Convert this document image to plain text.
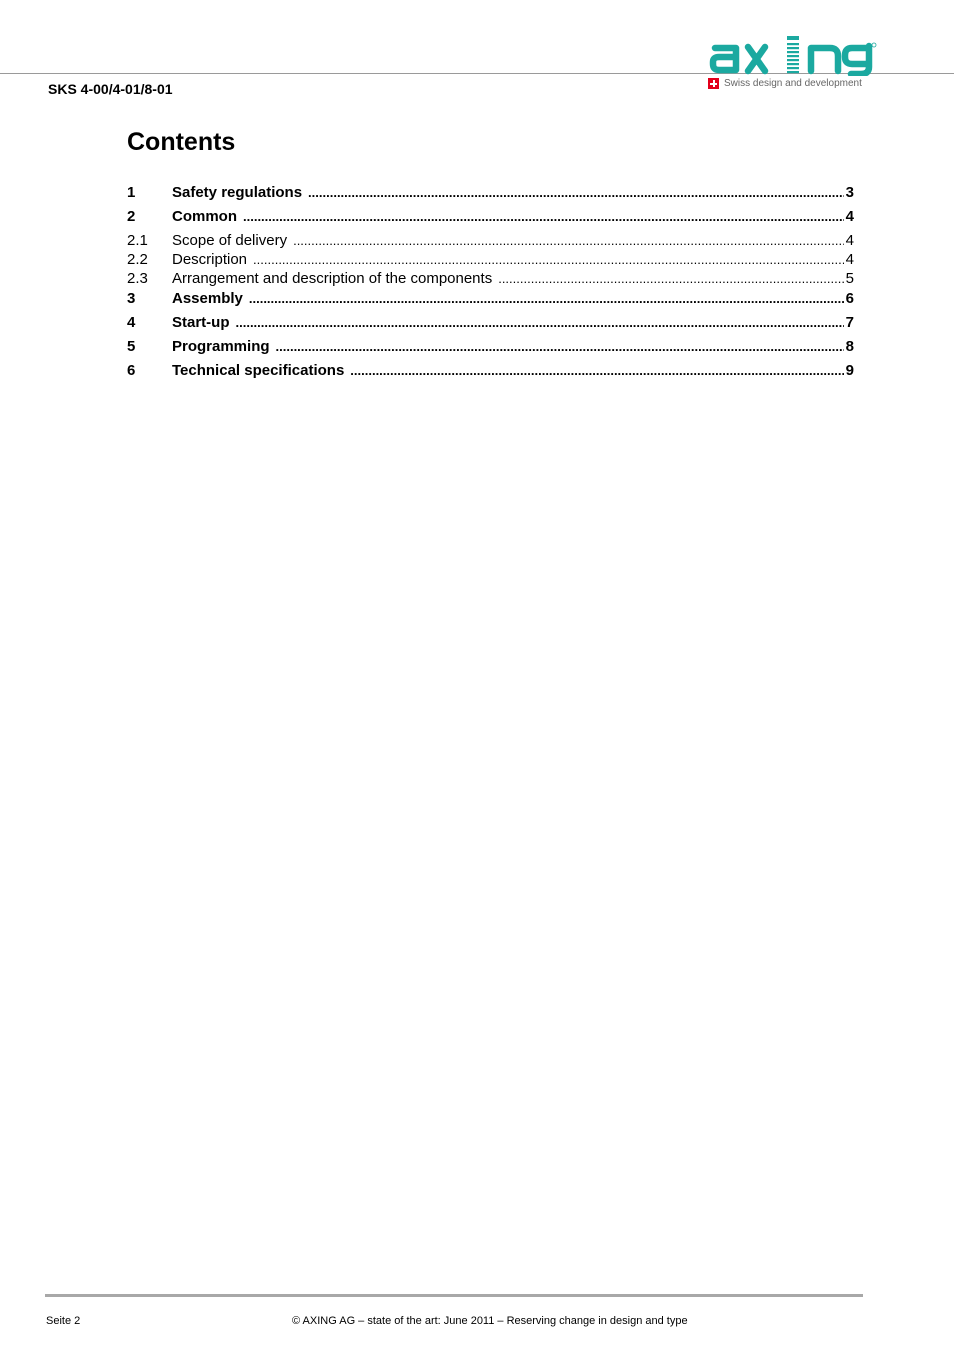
SKS 4-00/4-01/8-01	Swiss design and development
Contents
1	Safety regulations .....	3
2	Common .....	4
2.1	Scope of delivery .....	4
2.2	Description .....	4
2.3	Arrangement and description of the components .....	5
3	Assembly .....	6
4	Start-up .....	7
5	Programming .....	8
6	Technical specifications .....	9
Seite 2	© AXING AG – state of the art: June 2011 – Reserving change in design and type
